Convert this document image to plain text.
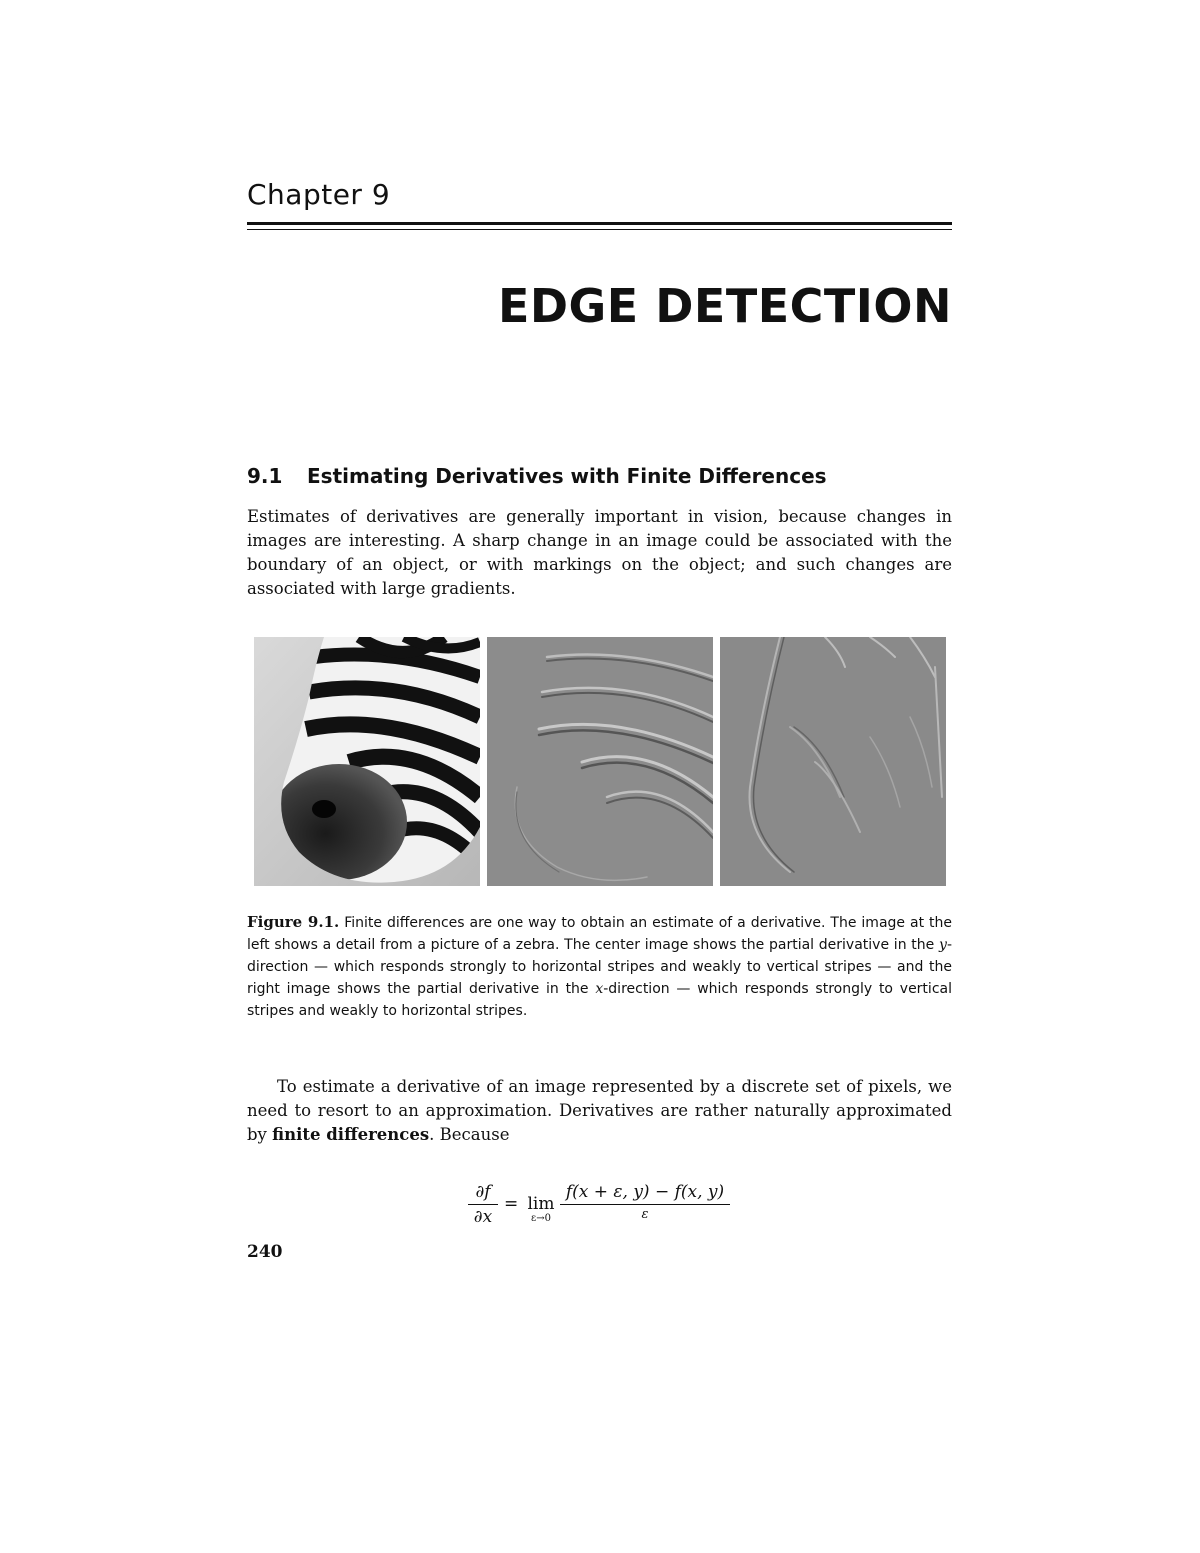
Chapter 9
EDGE DETECTION
9.1 Estimating Derivatives with Finite Differences

Estimates of derivatives are generally important in vision, because changes in images are interesting. A sharp change in an image could be associated with the boundary of an object, or with markings on the object; and such changes are associated with large gradients.

Figure 9.1. Finite differences are one way to obtain an estimate of a derivative. The image at the left shows a detail from a picture of a zebra. The center image shows the partial derivative in the y-direction — which responds strongly to horizontal stripes and weakly to vertical stripes — and the right image shows the partial derivative in the x-direction — which responds strongly to vertical stripes and weakly to horizontal stripes.

To estimate a derivative of an image represented by a discrete set of pixels, we need to resort to an approximation. Derivatives are rather naturally approximated by finite differences. Because

∂f
∂x
= lim
ε→0
f(x + ε, y) − f(x, y)
ε
240
